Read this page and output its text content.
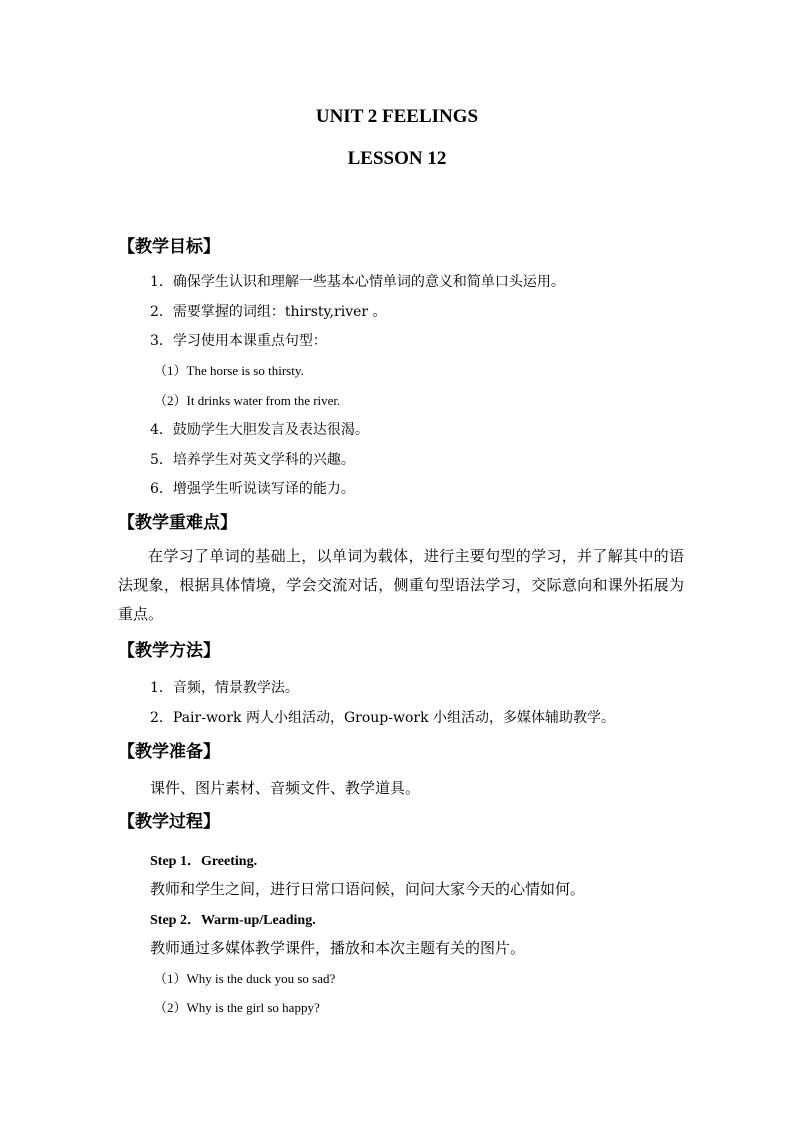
UNIT 2 FEELINGS
LESSON 12
【教学目标】
1．确保学生认识和理解一些基本心情单词的意义和简单口头运用。
2．需要掌握的词组：thirsty,river 。
3．学习使用本课重点句型：
（1）The horse is so thirsty.
（2）It drinks water from the river.
4．鼓励学生大胆发言及表达很渴。
5．培养学生对英文学科的兴趣。
6．增强学生听说读写译的能力。
【教学重难点】
在学习了单词的基础上，以单词为载体，进行主要句型的学习，并了解其中的语法现象，根据具体情境，学会交流对话，侧重句型语法学习，交际意向和课外拓展为重点。
【教学方法】
1．音频，情景教学法。
2．Pair-work 两人小组活动，Group-work 小组活动，多媒体辅助教学。
【教学准备】
课件、图片素材、音频文件、教学道具。
【教学过程】
Step 1．Greeting.
教师和学生之间，进行日常口语问候，问问大家今天的心情如何。
Step 2．Warm-up/Leading.
教师通过多媒体教学课件，播放和本次主题有关的图片。
（1）Why is the duck you so sad?
（2）Why is the girl so happy?
